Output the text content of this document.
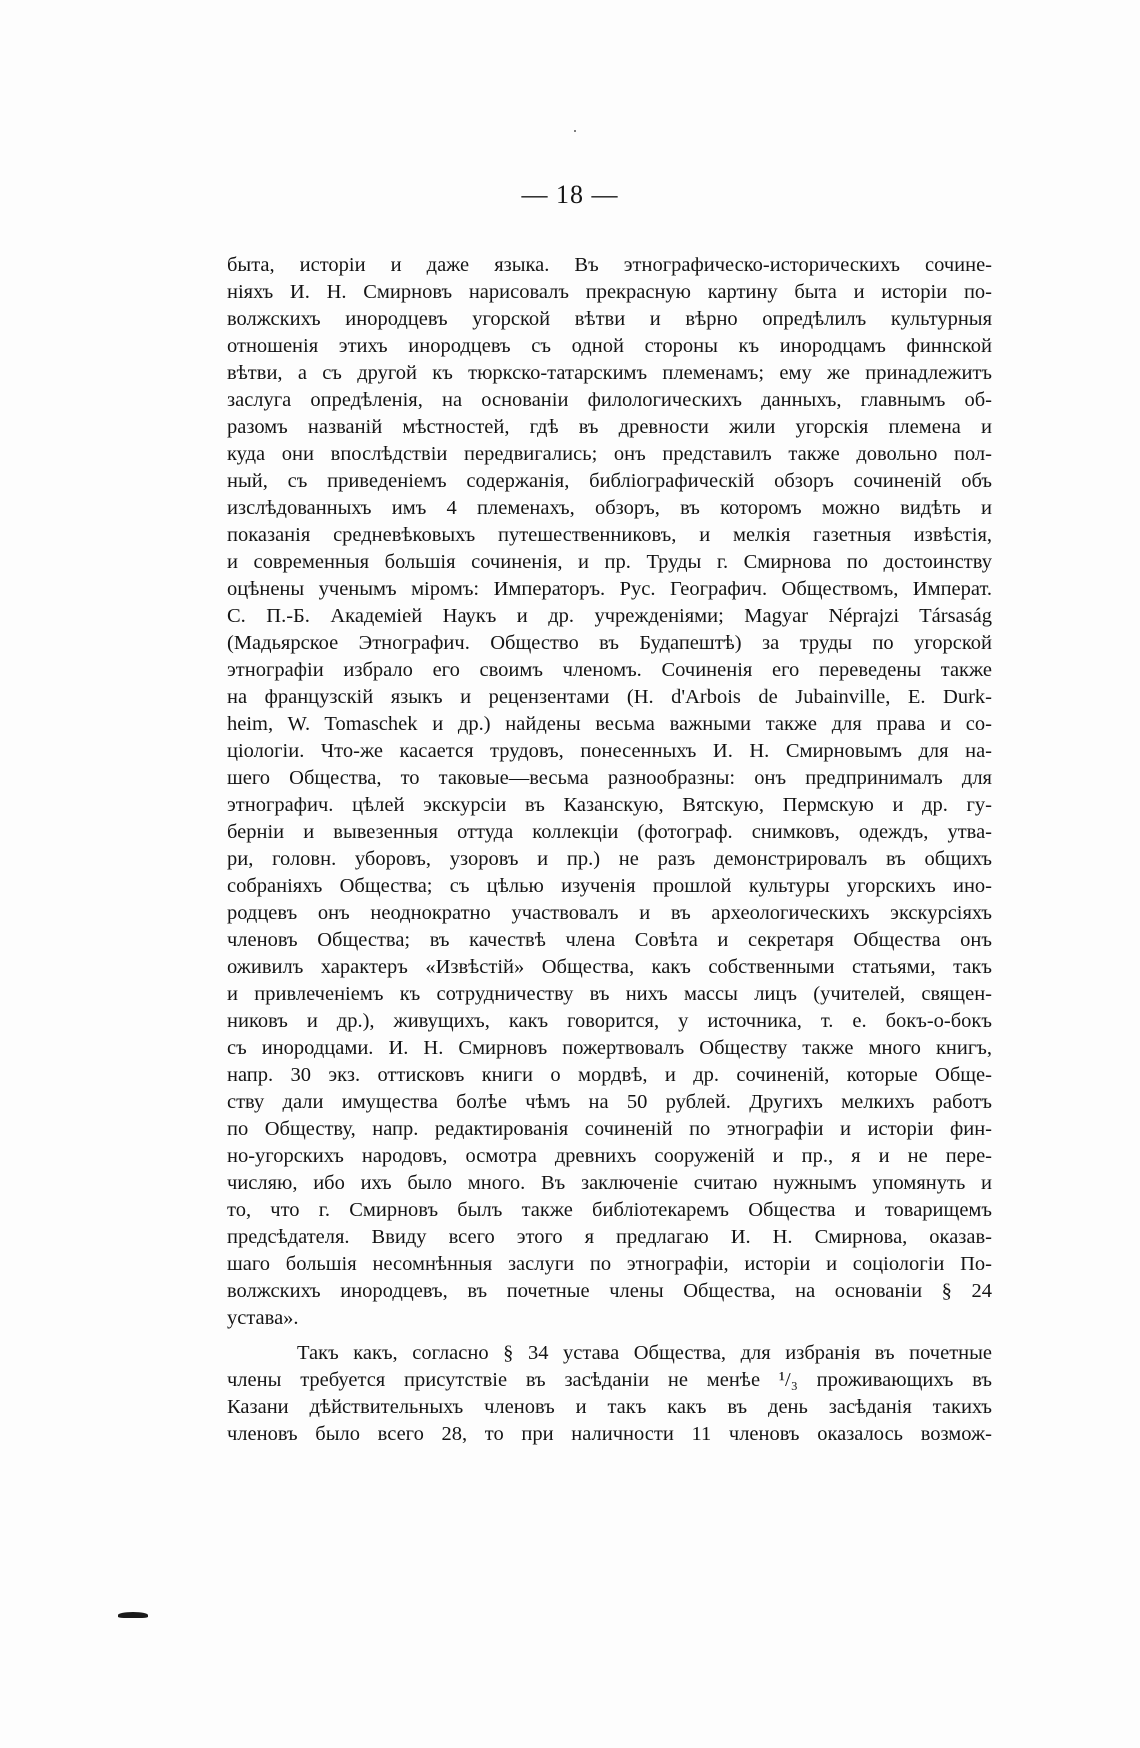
— 18 —
быта, исторіи и даже языка. Въ этнографическо-историческихъ сочине-
ніяхъ И. Н. Смирновъ нарисовалъ прекрасную картину быта и исторіи по-
волжскихъ инородцевъ угорской вѣтви и вѣрно опредѣлилъ культурныя
отношенія этихъ инородцевъ съ одной стороны къ инородцамъ финнской
вѣтви, а съ другой къ тюркско-татарскимъ племенамъ; ему же принадлежитъ
заслуга опредѣленія, на основаніи филологическихъ данныхъ, главнымъ об-
разомъ названій мѣстностей, гдѣ въ древности жили угорскія племена и
куда они впослѣдствіи передвигались; онъ представилъ также довольно пол-
ный, съ приведеніемъ содержанія, библіографическій обзоръ сочиненій объ
изслѣдованныхъ имъ 4 племенахъ, обзоръ, въ которомъ можно видѣть и
показанія средневѣковыхъ путешественниковъ, и мелкія газетныя извѣстія,
и современныя большія сочиненія, и пр. Труды г. Смирнова по достоинству
оцѣнены ученымъ міромъ: Императоръ. Рус. Географич. Обществомъ, Императ.
С. П.-Б. Академіей Наукъ и др. учрежденіями; Magyar Néprajzi Társaság
(Мадьярское Этнографич. Общество въ Будапештѣ) за труды по угорской
этнографіи избрало его своимъ членомъ. Сочиненія его переведены также
на французскій языкъ и рецензентами (H. d'Arbois de Jubainville, E. Durk-
heim, W. Tomaschek и др.) найдены весьма важными также для права и со-
ціологіи. Что-же касается трудовъ, понесенныхъ И. Н. Смирновымъ для на-
шего Общества, то таковые—весьма разнообразны: онъ предпринималъ для
этнографич. цѣлей экскурсіи въ Казанскую, Вятскую, Пермскую и др. гу-
берніи и вывезенныя оттуда коллекціи (фотограф. снимковъ, одеждъ, утва-
ри, головн. уборовъ, узоровъ и пр.) не разъ демонстрировалъ въ общихъ
собраніяхъ Общества; съ цѣлью изученія прошлой культуры угорскихъ ино-
родцевъ онъ неоднократно участвовалъ и въ археологическихъ экскурсіяхъ
членовъ Общества; въ качествѣ члена Совѣта и секретаря Общества онъ
оживилъ характеръ «Извѣстій» Общества, какъ собственными статьями, такъ
и привлеченіемъ къ сотрудничеству въ нихъ массы лицъ (учителей, священ-
никовъ и др.), живущихъ, какъ говорится, у источника, т. е. бокъ-о-бокъ
съ инородцами. И. Н. Смирновъ пожертвовалъ Обществу также много книгъ,
напр. 30 экз. оттисковъ книги о мордвѣ, и др. сочиненій, которые Обще-
ству дали имущества болѣе чѣмъ на 50 рублей. Другихъ мелкихъ работъ
по Обществу, напр. редактированія сочиненій по этнографіи и исторіи фин-
но-угорскихъ народовъ, осмотра древнихъ сооруженій и пр., я и не пере-
числяю, ибо ихъ было много. Въ заключеніе считаю нужнымъ упомянуть и
то, что г. Смирновъ былъ также библіотекаремъ Общества и товарищемъ
предсѣдателя. Ввиду всего этого я предлагаю И. Н. Смирнова, оказав-
шаго большія несомнѣнныя заслуги по этнографіи, исторіи и соціологіи По-
волжскихъ инородцевъ, въ почетные члены Общества, на основаніи § 24
устава».
Такъ какъ, согласно § 34 устава Общества, для избранія въ почетные
члены требуется присутствіе въ засѣданіи не менѣе ¹/₃ проживающихъ въ
Казани дѣйствительныхъ членовъ и такъ какъ въ день засѣданія такихъ
членовъ было всего 28, то при наличности 11 членовъ оказалось возмож-
